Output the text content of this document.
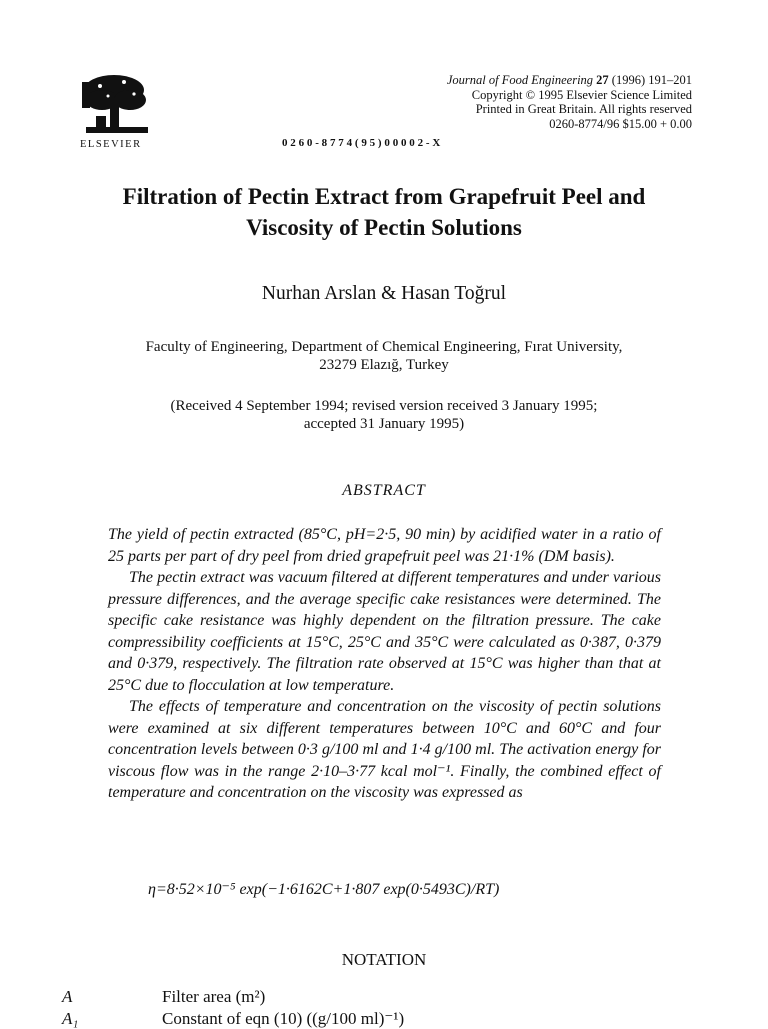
ELSEVIER	0260-8774(95)00002-X
Journal of Food Engineering 27 (1996) 191–201
Copyright © 1995 Elsevier Science Limited
Printed in Great Britain. All rights reserved
0260-8774/96 $15.00 + 0.00
Filtration of Pectin Extract from Grapefruit Peel and
Viscosity of Pectin Solutions
Nurhan Arslan & Hasan Toğrul
Faculty of Engineering, Department of Chemical Engineering, Fırat University,
23279 Elazığ, Turkey
(Received 4 September 1994; revised version received 3 January 1995;
accepted 31 January 1995)
ABSTRACT

The yield of pectin extracted (85°C, pH=2·5, 90 min) by acidified water in a ratio of 25 parts per part of dry peel from dried grapefruit peel was 21·1% (DM basis).

The pectin extract was vacuum filtered at different temperatures and under various pressure differences, and the average specific cake resistances were determined. The specific cake resistance was highly dependent on the filtration pressure. The cake compressibility coefficients at 15°C, 25°C and 35°C were calculated as 0·387, 0·379 and 0·379, respectively. The filtration rate observed at 15°C was higher than that at 25°C due to flocculation at low temperature.

The effects of temperature and concentration on the viscosity of pectin solutions were examined at six different temperatures between 10°C and 60°C and four concentration levels between 0·3 g/100 ml and 1·4 g/100 ml. The activation energy for viscous flow was in the range 2·10–3·77 kcal mol⁻¹. Finally, the combined effect of temperature and concentration on the viscosity was expressed as

η=8·52×10⁻⁵ exp(−1·6162C+1·807 exp(0·5493C)/RT)
NOTATION
A	Filter area (m²)
A₁	Constant of eqn (10) ((g/100 ml)⁻¹)
